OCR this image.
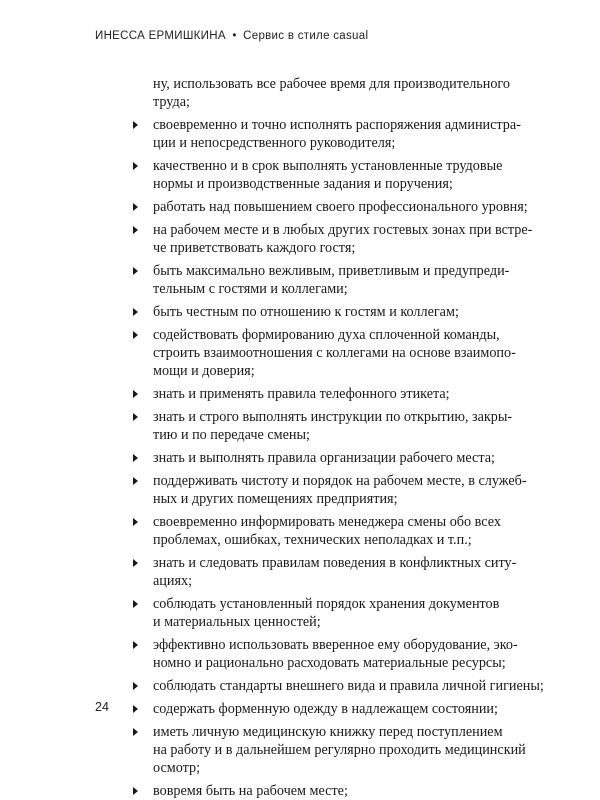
ИНЕССА ЕРМИШКИНА • Сервис в стиле casual

ну, использовать все рабочее время для производительного
труда;

своевременно и точно исполнять распоряжения администра-
ции и непосредственного руководителя;
качественно и в срок выполнять установленные трудовые
нормы и производственные задания и поручения;
работать над повышением своего профессионального уровня;
на рабочем месте и в любых других гостевых зонах при встре-
че приветствовать каждого гостя;
быть максимально вежливым, приветливым и предупреди-
тельным с гостями и коллегами;
быть честным по отношению к гостям и коллегам;
содействовать формированию духа сплоченной команды,
строить взаимоотношения с коллегами на основе взаимопо-
мощи и доверия;
знать и применять правила телефонного этикета;
знать и строго выполнять инструкции по открытию, закры-
тию и по передаче смены;
знать и выполнять правила организации рабочего места;
поддерживать чистоту и порядок на рабочем месте, в служеб-
ных и других помещениях предприятия;
своевременно информировать менеджера смены обо всех
проблемах, ошибках, технических неполадках и т.п.;
знать и следовать правилам поведения в конфликтных ситу-
ациях;
соблюдать установленный порядок хранения документов
и материальных ценностей;
эффективно использовать вверенное ему оборудование, эко-
номно и рационально расходовать материальные ресурсы;
соблюдать стандарты внешнего вида и правила личной гигиены;
содержать форменную одежду в надлежащем состоянии;
иметь личную медицинскую книжку перед поступлением
на работу и в дальнейшем регулярно проходить медицинский
осмотр;
вовремя быть на рабочем месте;
24
